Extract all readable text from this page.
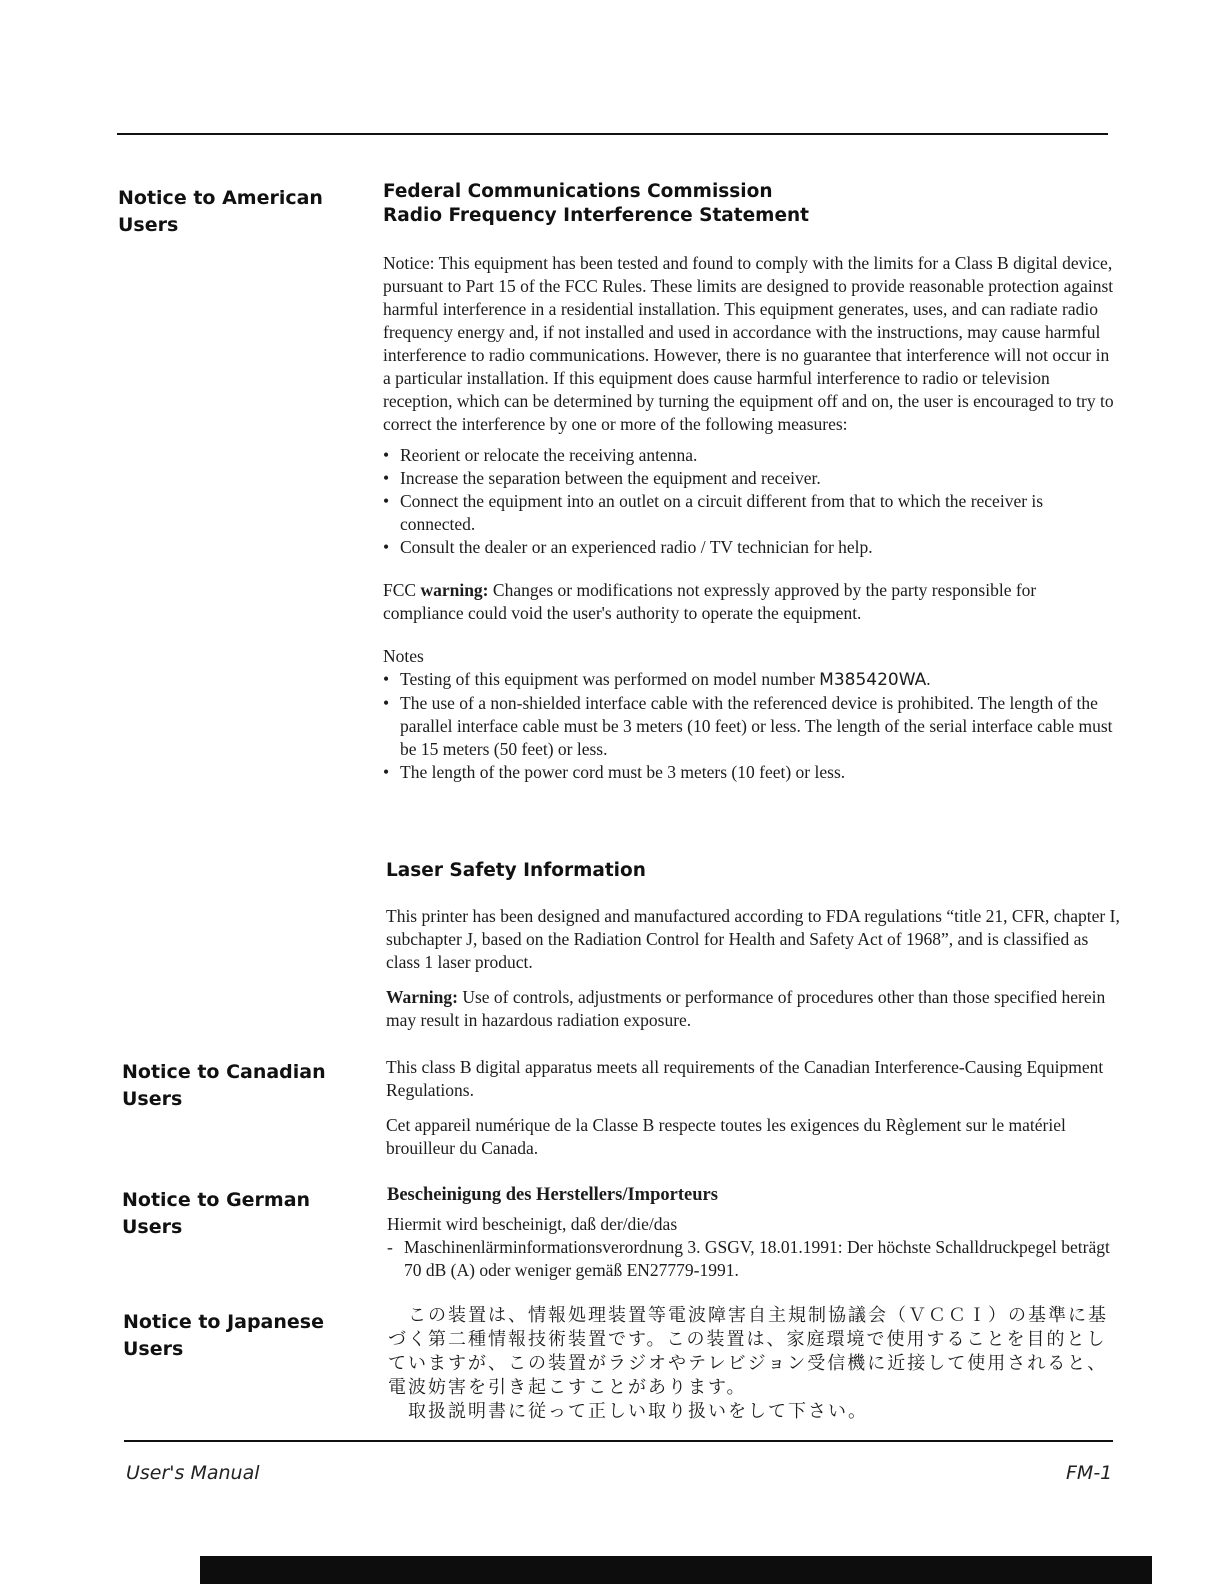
Notice to American
Users
Notice to Canadian
Users
Notice to German
Users
Notice to Japanese
Users
Federal Communications Commission
Radio Frequency Interference Statement

Notice: This equipment has been tested and found to comply with the limits for a Class B digital device, pursuant to Part 15 of the FCC Rules. These limits are designed to provide reasonable protection against harmful interference in a residential installation. This equipment generates, uses, and can radiate radio frequency energy and, if not installed and used in accordance with the instructions, may cause harmful interference to radio communications. However, there is no guarantee that interference will not occur in a particular installation. If this equipment does cause harmful interference to radio or television reception, which can be determined by turning the equipment off and on, the user is encouraged to try to correct the interference by one or more of the following measures:

• Reorient or relocate the receiving antenna.
• Increase the separation between the equipment and receiver.
• Connect the equipment into an outlet on a circuit different from that to which the receiver is connected.
• Consult the dealer or an experienced radio / TV technician for help.

FCC warning: Changes or modifications not expressly approved by the party responsible for compliance could void the user's authority to operate the equipment.

Notes

• Testing of this equipment was performed on model number M385420WA.
• The use of a non-shielded interface cable with the referenced device is prohibited. The length of the parallel interface cable must be 3 meters (10 feet) or less. The length of the serial interface cable must be 15 meters (50 feet) or less.
• The length of the power cord must be 3 meters (10 feet) or less.
Laser Safety Information

This printer has been designed and manufactured according to FDA regulations “title 21, CFR, chapter I, subchapter J, based on the Radiation Control for Health and Safety Act of 1968”, and is classified as class 1 laser product.

Warning: Use of controls, adjustments or performance of procedures other than those specified herein may result in hazardous radiation exposure.

This class B digital apparatus meets all requirements of the Canadian Interference-Causing Equipment Regulations.

Cet appareil numérique de la Classe B respecte toutes les exigences du Règlement sur le matériel brouilleur du Canada.

Bescheinigung des Herstellers/Importeurs

Hiermit wird bescheinigt, daß der/die/das

- Maschinenlärminformationsverordnung 3. GSGV, 18.01.1991: Der höchste Schalldruckpegel beträgt 70 dB (A) oder weniger gemäß EN27779-1991.

　この装置は、情報処理装置等電波障害自主規制協議会（ＶＣＣＩ）の基準に基づく第二種情報技術装置です。この装置は、家庭環境で使用することを目的としていますが、この装置がラジオやテレビジョン受信機に近接して使用されると、電波妨害を引き起こすことがあります。

　取扱説明書に従って正しい取り扱いをして下さい。

User's Manual	FM-1
